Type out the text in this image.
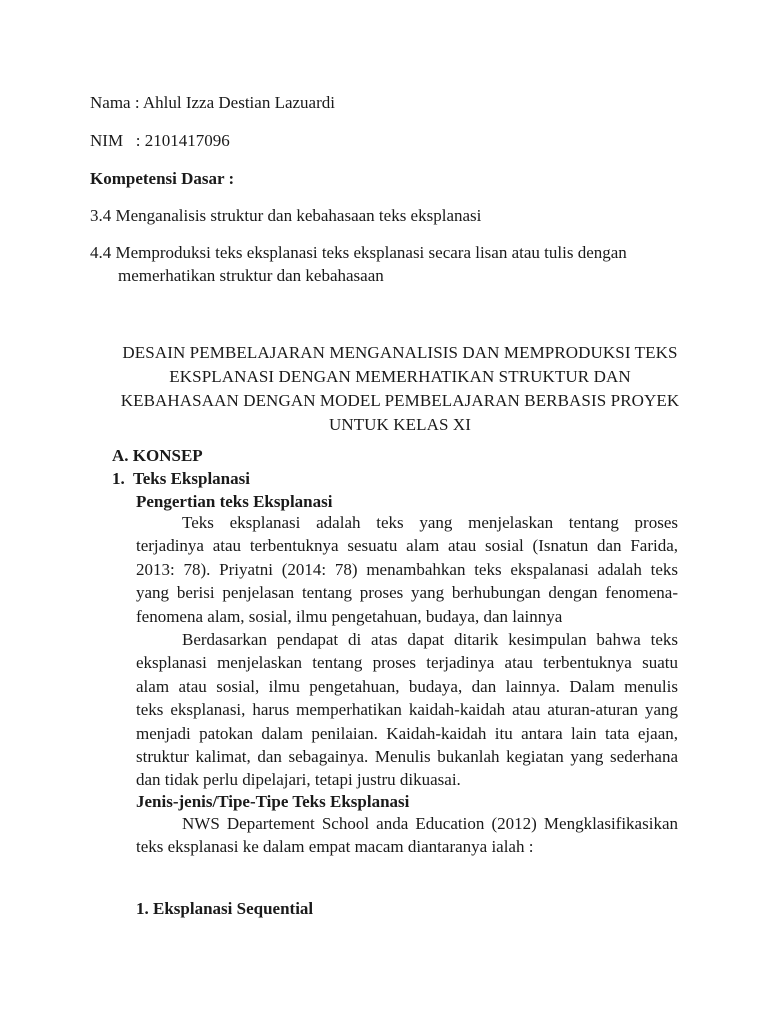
Nama : Ahlul Izza Destian Lazuardi
NIM   : 2101417096
Kompetensi Dasar :
3.4 Menganalisis struktur dan kebahasaan teks eksplanasi
4.4 Memproduksi teks eksplanasi teks eksplanasi secara lisan atau tulis dengan
memerhatikan struktur dan kebahasaan
DESAIN PEMBELAJARAN MENGANALISIS DAN MEMPRODUKSI TEKS
EKSPLANASI DENGAN MEMERHATIKAN STRUKTUR DAN
KEBAHASAAN DENGAN MODEL PEMBELAJARAN BERBASIS PROYEK
UNTUK KELAS XI
A. KONSEP
1.  Teks Eksplanasi
Pengertian teks Eksplanasi
Teks eksplanasi adalah teks yang menjelaskan tentang proses
terjadinya atau terbentuknya sesuatu alam atau sosial (Isnatun dan Farida,
2013: 78). Priyatni (2014: 78) menambahkan teks ekspalanasi adalah teks
yang berisi penjelasan tentang proses yang berhubungan dengan fenomena-
fenomena alam, sosial, ilmu pengetahuan, budaya, dan lainnya
Berdasarkan pendapat di atas dapat ditarik kesimpulan bahwa teks
eksplanasi menjelaskan tentang proses terjadinya atau terbentuknya suatu
alam atau sosial, ilmu pengetahuan, budaya, dan lainnya. Dalam menulis
teks eksplanasi, harus memperhatikan kaidah-kaidah atau aturan-aturan yang
menjadi patokan dalam penilaian. Kaidah-kaidah itu antara lain tata ejaan,
struktur kalimat, dan sebagainya. Menulis bukanlah kegiatan yang sederhana
dan tidak perlu dipelajari, tetapi justru dikuasai.
Jenis-jenis/Tipe-Tipe Teks Eksplanasi
NWS Departement School anda Education (2012) Mengklasifikasikan
teks eksplanasi ke dalam empat macam diantaranya ialah :
1. Eksplanasi Sequential
